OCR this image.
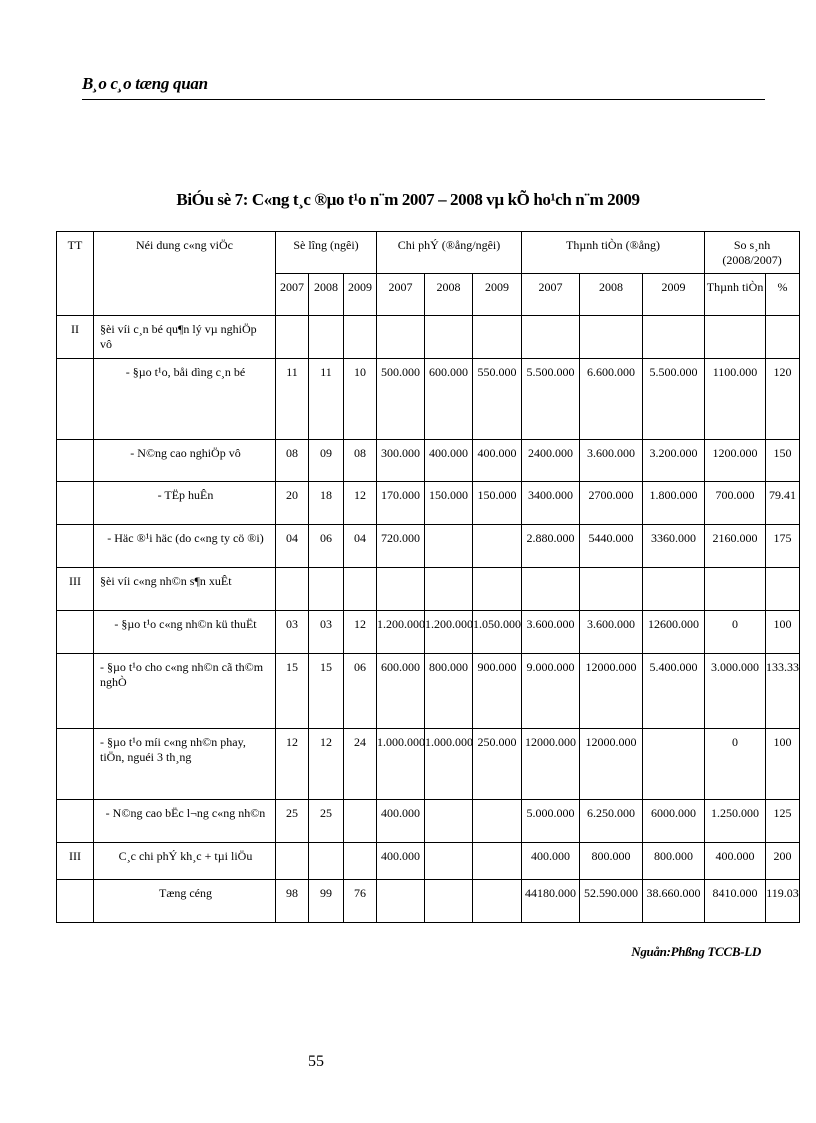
B¸o c¸o tæng quan
BiÓu sè 7: C«ng t¸c ®µo t¹o n¨m 2007 – 2008 vµ kÕ ho¹ch n¨m 2009
TT	Néi dung c«ng viÖc	Sè lîng (ngêi)			Chi phÝ (®ång/ngêi)			Thµnh tiÒn (®ång)			So s¸nh (2008/2007)	
		2007	2008	2009	2007	2008	2009	2007	2008	2009	Thµnh tiÒn	%
II	§èi víi c¸n bé qu¶n lý vµ nghiÖp vô											
	- §µo t¹o, båi dìng c¸n bé	11	11	10	500.000	600.000	550.000	5.500.000	6.600.000	5.500.000	1100.000	120
	- N©ng cao nghiÖp vô	08	09	08	300.000	400.000	400.000	2400.000	3.600.000	3.200.000	1200.000	150
	- TËp huÊn	20	18	12	170.000	150.000	150.000	3400.000	2700.000	1.800.000	700.000	79.41
	- Häc ®¹i häc (do c«ng ty cö ®i)	04	06	04	720.000			2.880.000	5440.000	3360.000	2160.000	175
III	§èi víi c«ng nh©n s¶n xuÊt											
	- §µo t¹o c«ng nh©n kü thuËt	03	03	12	1.200.000	1.200.000	1.050.000	3.600.000	3.600.000	12600.000	0	100
	- §µo t¹o cho c«ng nh©n cã th©m nghÒ	15	15	06	600.000	800.000	900.000	9.000.000	12000.000	5.400.000	3.000.000	133.33
	- §µo t¹o míi c«ng nh©n phay, tiÖn, nguéi 3 th¸ng	12	12	24	1.000.000	1.000.000	250.000	12000.000	12000.000		0	100
	- N©ng cao bËc l¬ng c«ng nh©n	25	25		400.000			5.000.000	6.250.000	6000.000	1.250.000	125
III	C¸c chi phÝ kh¸c + tµi liÖu				400.000			400.000	800.000	800.000	400.000	200
	Tæng céng	98	99	76				44180.000	52.590.000	38.660.000	8410.000	119.03
Nguån:Phßng TCCB-LD
55
